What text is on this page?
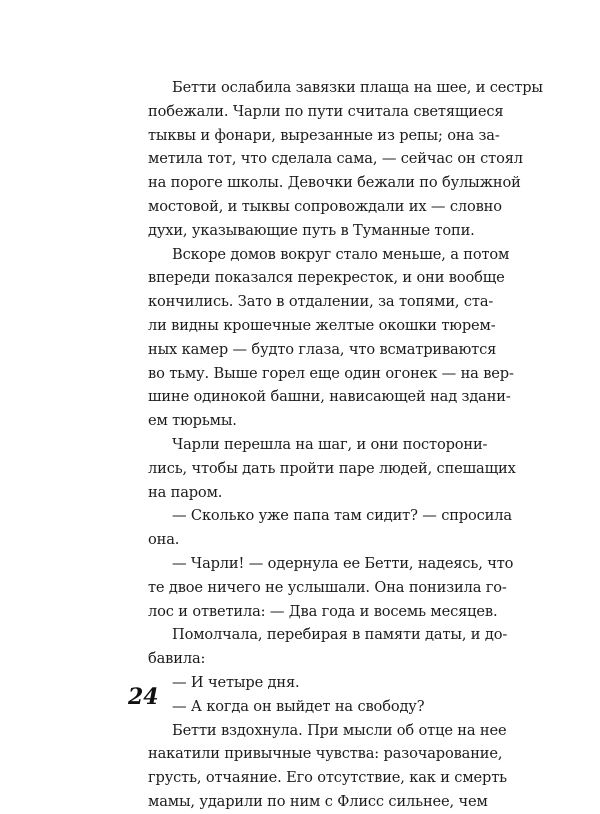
Бетти ослабила завязки плаща на шее, и сестры
побежали. Чарли по пути считала светящиеся
тыквы и фонари, вырезанные из репы; она за-
метила тот, что сделала сама, — сейчас он стоял
на пороге школы. Девочки бежали по булыжной
мостовой, и тыквы сопровождали их — словно
духи, указывающие путь в Туманные топи.
Вскоре домов вокруг стало меньше, а потом
впереди показался перекресток, и они вообще
кончились. Зато в отдалении, за топями, ста-
ли видны крошечные желтые окошки тюрем-
ных камер — будто глаза, что всматриваются
во тьму. Выше горел еще один огонек — на вер-
шине одинокой башни, нависающей над здани-
ем тюрьмы.
Чарли перешла на шаг, и они посторони-
лись, чтобы дать пройти паре людей, спешащих
на паром.
— Сколько уже папа там сидит? — спросила
она.
— Чарли! — одернула ее Бетти, надеясь, что
те двое ничего не услышали. Она понизила го-
лос и ответила: — Два года и восемь месяцев.
Помолчала, перебирая в памяти даты, и до-
бавила:
— И четыре дня.
— А когда он выйдет на свободу?
Бетти вздохнула. При мысли об отце на нее
накатили привычные чувства: разочарование,
грусть, отчаяние. Его отсутствие, как и смерть
мамы, ударили по ним с Флисс сильнее, чем
24
